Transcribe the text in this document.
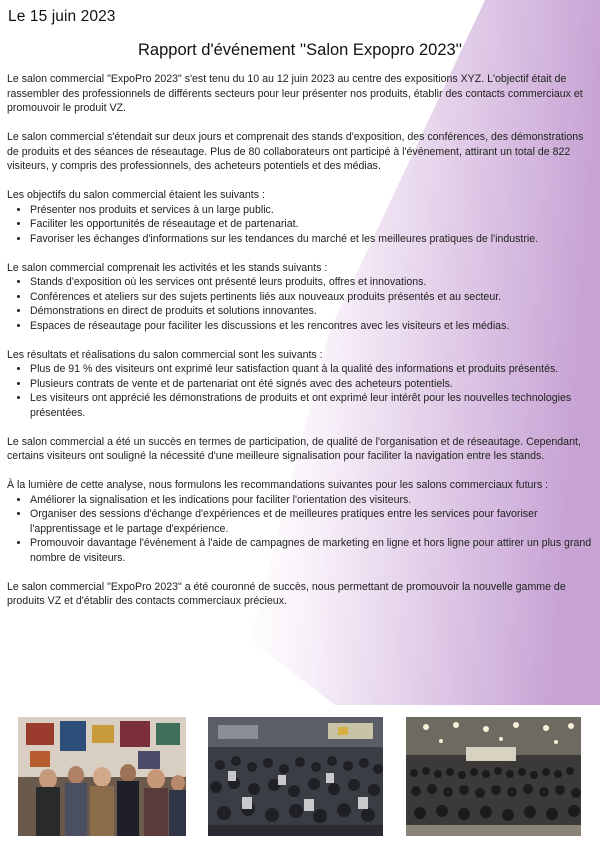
Le 15 juin 2023
Rapport d'événement ''Salon Expopro 2023''

Le salon commercial "ExpoPro 2023" s'est tenu du 10 au 12 juin 2023 au centre des expositions XYZ. L'objectif était de rassembler des professionnels de différents secteurs pour leur présenter nos produits, établir des contacts commerciaux et promouvoir le produit VZ.

Le salon commercial s'étendait sur deux jours et comprenait des stands d'exposition, des conférences, des démonstrations de produits et des séances de réseautage. Plus de 80 collaborateurs ont participé à l'événement, attirant un total de 822 visiteurs, y compris des professionnels, des acheteurs potentiels et des médias.

Les objectifs du salon commercial étaient les suivants :
• Présenter nos produits et services à un large public.
• Faciliter les opportunités de réseautage et de partenariat.
• Favoriser les échanges d'informations sur les tendances du marché et les meilleures pratiques de l'industrie.
Le salon commercial comprenait les activités et les stands suivants :
• Stands d'exposition où les services ont présenté leurs produits, offres et innovations.
• Conférences et ateliers sur des sujets pertinents liés aux nouveaux produits présentés et au secteur.
• Démonstrations en direct de produits et solutions innovantes.
• Espaces de réseautage pour faciliter les discussions et les rencontres avec les visiteurs et les médias.
Les résultats et réalisations du salon commercial sont les suivants :
• Plus de 91 % des visiteurs ont exprimé leur satisfaction quant à la qualité des informations et produits présentés.
• Plusieurs contrats de vente et de partenariat ont été signés avec des acheteurs potentiels.
• Les visiteurs ont apprécié les démonstrations de produits et ont exprimé leur intérêt pour les nouvelles technologies présentées.

Le salon commercial a été un succès en termes de participation, de qualité de l'organisation et de réseautage. Cependant, certains visiteurs ont souligné la nécessité d'une meilleure signalisation pour faciliter la navigation entre les stands.

À la lumière de cette analyse, nous formulons les recommandations suivantes pour les salons commerciaux futurs :
• Améliorer la signalisation et les indications pour faciliter l'orientation des visiteurs.
• Organiser des sessions d'échange d'expériences et de meilleures pratiques entre les services pour favoriser l'apprentissage et le partage d'expérience.
• Promouvoir davantage l'événement à l'aide de campagnes de marketing en ligne et hors ligne pour attirer un plus grand nombre de visiteurs.

Le salon commercial "ExpoPro 2023" a été couronné de succès, nous permettant de promouvoir la nouvelle gamme de produits VZ et d'établir des contacts commerciaux précieux.
